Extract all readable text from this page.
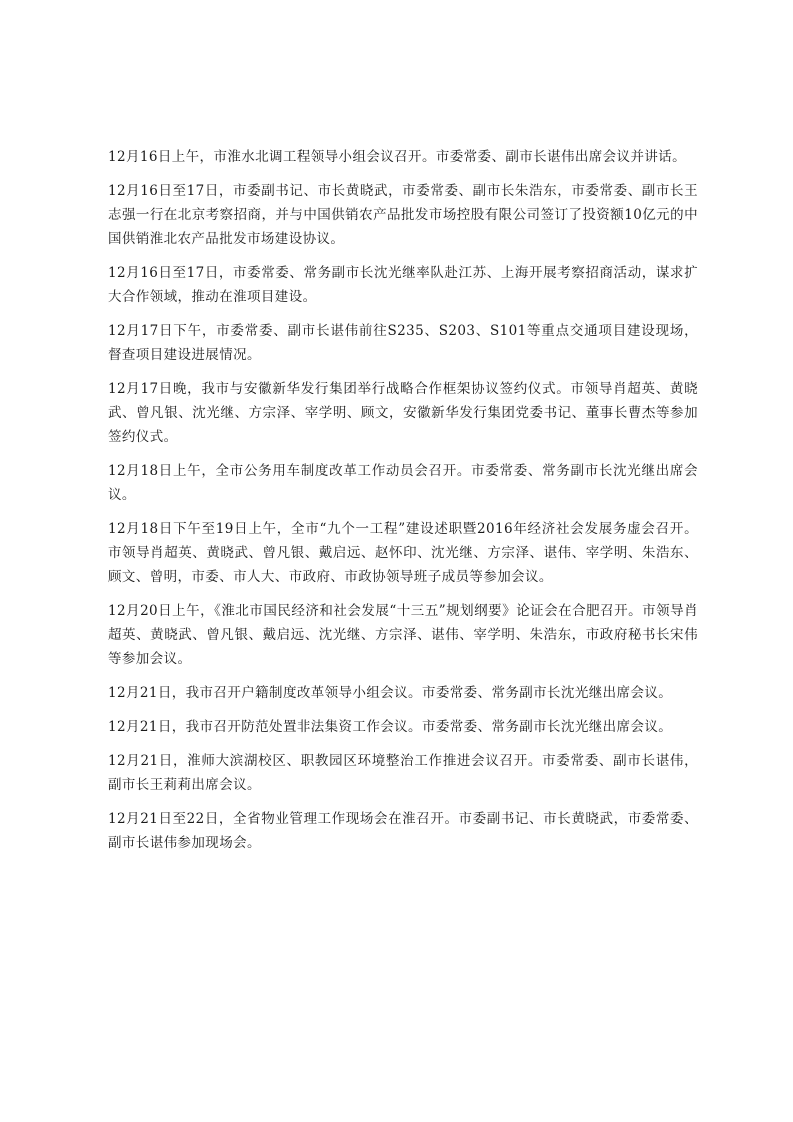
12月16日上午，市淮水北调工程领导小组会议召开。市委常委、副市长谌伟出席会议并讲话。

12月16日至17日，市委副书记、市长黄晓武，市委常委、副市长朱浩东，市委常委、副市长王志强一行在北京考察招商，并与中国供销农产品批发市场控股有限公司签订了投资额10亿元的中国供销淮北农产品批发市场建设协议。

12月16日至17日，市委常委、常务副市长沈光继率队赴江苏、上海开展考察招商活动，谋求扩大合作领域，推动在淮项目建设。

12月17日下午，市委常委、副市长谌伟前往S235、S203、S101等重点交通项目建设现场，督查项目建设进展情况。

12月17日晚，我市与安徽新华发行集团举行战略合作框架协议签约仪式。市领导肖超英、黄晓武、曾凡银、沈光继、方宗泽、宰学明、顾文，安徽新华发行集团党委书记、董事长曹杰等参加签约仪式。

12月18日上午，全市公务用车制度改革工作动员会召开。市委常委、常务副市长沈光继出席会议。

12月18日下午至19日上午，全市“九个一工程”建设述职暨2016年经济社会发展务虚会召开。市领导肖超英、黄晓武、曾凡银、戴启远、赵怀印、沈光继、方宗泽、谌伟、宰学明、朱浩东、顾文、曾明，市委、市人大、市政府、市政协领导班子成员等参加会议。

12月20日上午，《淮北市国民经济和社会发展“十三五”规划纲要》论证会在合肥召开。市领导肖超英、黄晓武、曾凡银、戴启远、沈光继、方宗泽、谌伟、宰学明、朱浩东，市政府秘书长宋伟等参加会议。

12月21日，我市召开户籍制度改革领导小组会议。市委常委、常务副市长沈光继出席会议。

12月21日，我市召开防范处置非法集资工作会议。市委常委、常务副市长沈光继出席会议。

12月21日，淮师大滨湖校区、职教园区环境整治工作推进会议召开。市委常委、副市长谌伟，副市长王莉莉出席会议。

12月21日至22日，全省物业管理工作现场会在淮召开。市委副书记、市长黄晓武，市委常委、副市长谌伟参加现场会。
